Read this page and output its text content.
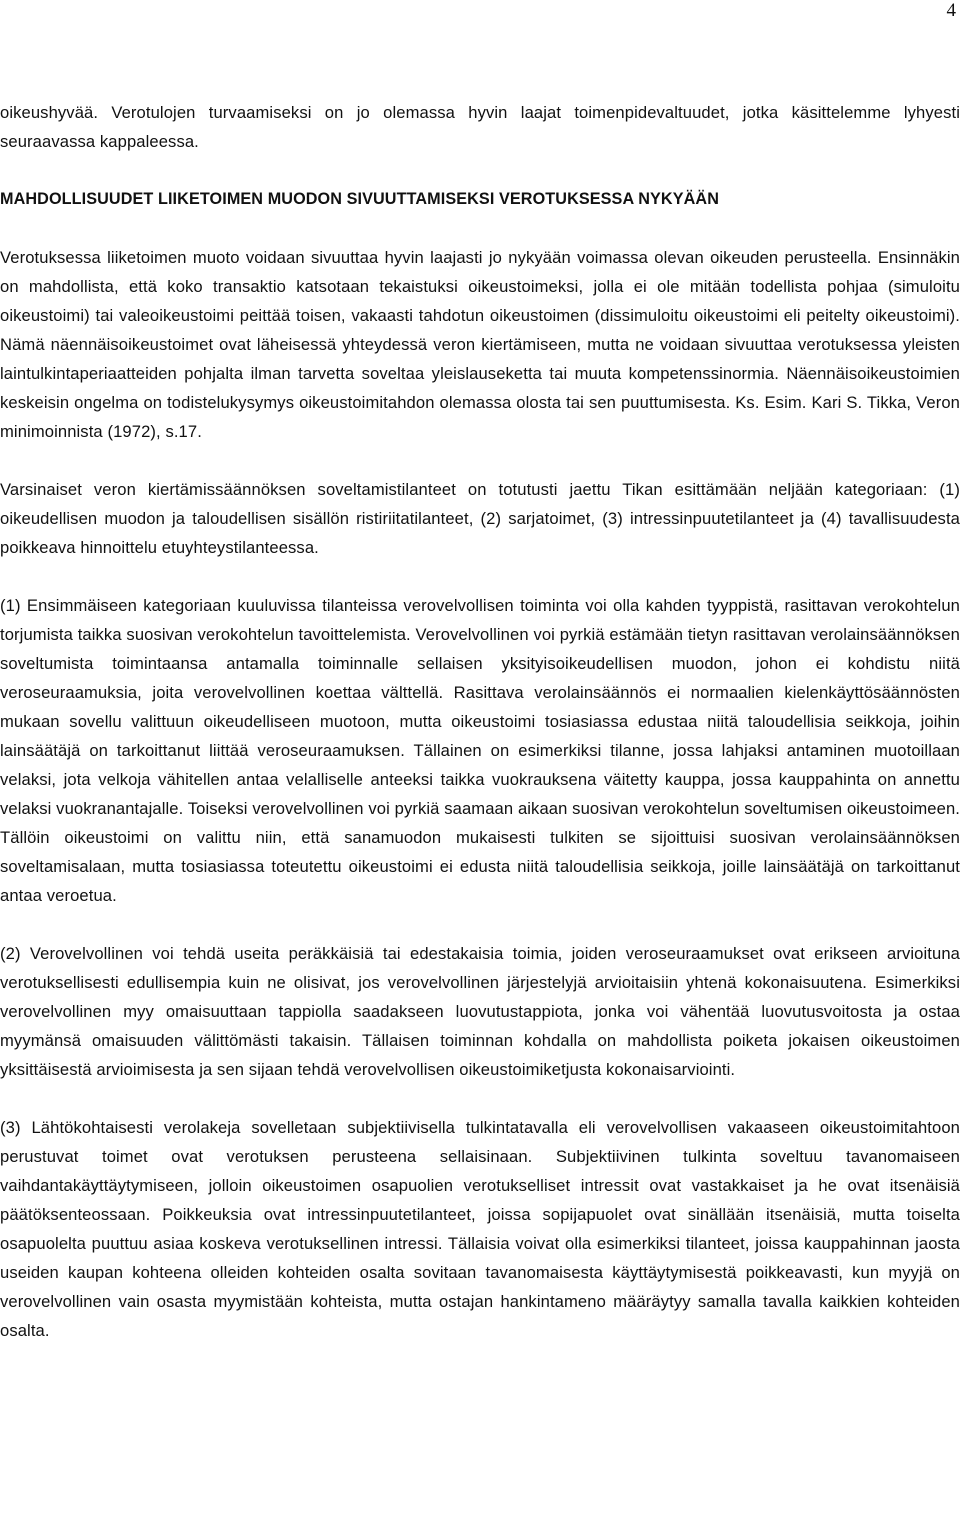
4

oikeushyvää. Verotulojen turvaamiseksi on jo olemassa hyvin laajat toimenpidevaltuudet, jotka käsittelemme lyhyesti seuraavassa kappaleessa.

MAHDOLLISUUDET LIIKETOIMEN MUODON SIVUUTTAMISEKSI VEROTUKSESSA NYKYÄÄN

Verotuksessa liiketoimen muoto voidaan sivuuttaa hyvin laajasti jo nykyään voimassa olevan oikeuden perusteella. Ensinnäkin on mahdollista, että koko transaktio katsotaan tekaistuksi oikeustoimeksi, jolla ei ole mitään todellista pohjaa (simuloitu oikeustoimi) tai valeoikeustoimi peittää toisen, vakaasti tahdotun oikeustoimen (dissimuloitu oikeustoimi eli peitelty oikeustoimi). Nämä näennäisoikeustoimet ovat läheisessä yhteydessä veron kiertämiseen, mutta ne voidaan sivuuttaa verotuksessa yleisten laintulkintaperiaatteiden pohjalta ilman tarvetta soveltaa yleislauseketta tai muuta kompetenssinormia. Näennäisoikeustoimien keskeisin ongelma on todistelukysymys oikeustoimitahdon olemassa olosta tai sen puuttumisesta. Ks. Esim. Kari S. Tikka, Veron minimoinnista (1972), s.17.

Varsinaiset veron kiertämissäännöksen soveltamistilanteet on totutusti jaettu Tikan esittämään neljään kategoriaan: (1) oikeudellisen muodon ja taloudellisen sisällön ristiriitatilanteet, (2) sarjatoimet, (3) intressinpuutetilanteet ja (4) tavallisuudesta poikkeava hinnoittelu etuyhteystilanteessa.

(1) Ensimmäiseen kategoriaan kuuluvissa tilanteissa verovelvollisen toiminta voi olla kahden tyyppistä, rasittavan verokohtelun torjumista taikka suosivan verokohtelun tavoittelemista. Verovelvollinen voi pyrkiä estämään tietyn rasittavan verolainsäännöksen soveltumista toimintaansa antamalla toiminnalle sellaisen yksityisoikeudellisen muodon, johon ei kohdistu niitä veroseuraamuksia, joita verovelvollinen koettaa välttellä. Rasittava verolainsäännös ei normaalien kielenkäyttösäännösten mukaan sovellu valittuun oikeudelliseen muotoon, mutta oikeustoimi tosiasiassa edustaa niitä taloudellisia seikkoja, joihin lainsäätäjä on tarkoittanut liittää veroseuraamuksen. Tällainen on esimerkiksi tilanne, jossa lahjaksi antaminen muotoillaan velaksi, jota velkoja vähitellen antaa velalliselle anteeksi taikka vuokrauksena väitetty kauppa, jossa kauppahinta on annettu velaksi vuokranantajalle. Toiseksi verovelvollinen voi pyrkiä saamaan aikaan suosivan verokohtelun soveltumisen oikeustoimeen. Tällöin oikeustoimi on valittu niin, että sanamuodon mukaisesti tulkiten se sijoittuisi suosivan verolainsäännöksen soveltamisalaan, mutta tosiasiassa toteutettu oikeustoimi ei edusta niitä taloudellisia seikkoja, joille lainsäätäjä on tarkoittanut antaa veroetua.

(2) Verovelvollinen voi tehdä useita peräkkäisiä tai edestakaisia toimia, joiden veroseuraamukset ovat erikseen arvioituna verotuksellisesti edullisempia kuin ne olisivat, jos verovelvollinen järjestelyjä arvioitaisiin yhtenä kokonaisuutena. Esimerkiksi verovelvollinen myy omaisuuttaan tappiolla saadakseen luovutustappiota, jonka voi vähentää luovutusvoitosta ja ostaa myymänsä omaisuuden välittömästi takaisin. Tällaisen toiminnan kohdalla on mahdollista poiketa jokaisen oikeustoimen yksittäisestä arvioimisesta ja sen sijaan tehdä verovelvollisen oikeustoimiketjusta kokonaisarviointi.

(3) Lähtökohtaisesti verolakeja sovelletaan subjektiivisella tulkintatavalla eli verovelvollisen vakaaseen oikeustoimitahtoon perustuvat toimet ovat verotuksen perusteena sellaisinaan. Subjektiivinen tulkinta soveltuu tavanomaiseen vaihdantakäyttäytymiseen, jolloin oikeustoimen osapuolien verotukselliset intressit ovat vastakkaiset ja he ovat itsenäisiä päätöksenteossaan. Poikkeuksia ovat intressinpuutetilanteet, joissa sopijapuolet ovat sinällään itsenäisiä, mutta toiselta osapuolelta puuttuu asiaa koskeva verotuksellinen intressi. Tällaisia voivat olla esimerkiksi tilanteet, joissa kauppahinnan jaosta useiden kaupan kohteena olleiden kohteiden osalta sovitaan tavanomaisesta käyttäytymisestä poikkeavasti, kun myyjä on verovelvollinen vain osasta myymistään kohteista, mutta ostajan hankintameno määräytyy samalla tavalla kaikkien kohteiden osalta.
